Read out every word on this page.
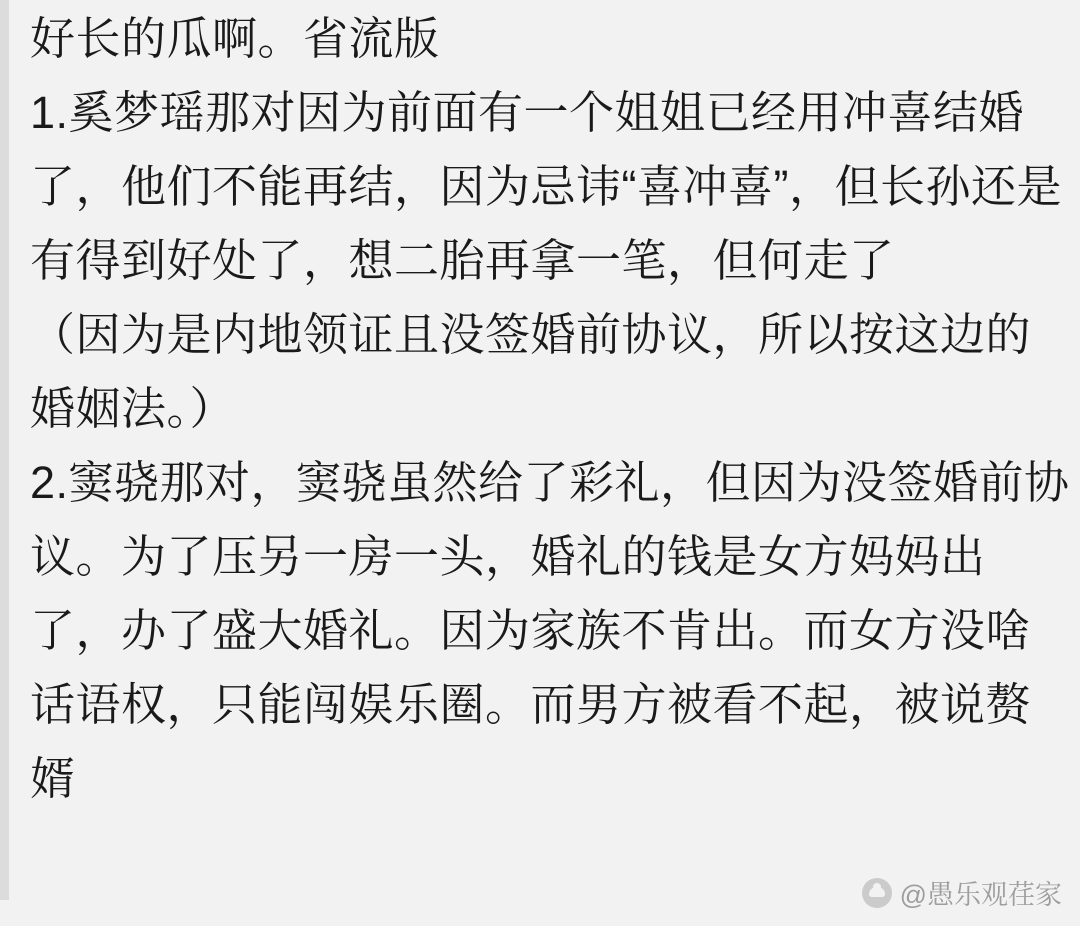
好长的瓜啊。省流版

1.奚梦瑶那对因为前面有一个姐姐已经用冲喜结婚了，他们不能再结，因为忌讳“喜冲喜”，但长孙还是有得到好处了，想二胎再拿一笔，但何走了

（因为是内地领证且没签婚前协议，所以按这边的婚姻法。）

2.窦骁那对，窦骁虽然给了彩礼，但因为没签婚前协议。为了压另一房一头，婚礼的钱是女方妈妈出了，办了盛大婚礼。因为家族不肯出。而女方没啥话语权，只能闯娱乐圈。而男方被看不起，被说赘婿

@愚乐观荏家
